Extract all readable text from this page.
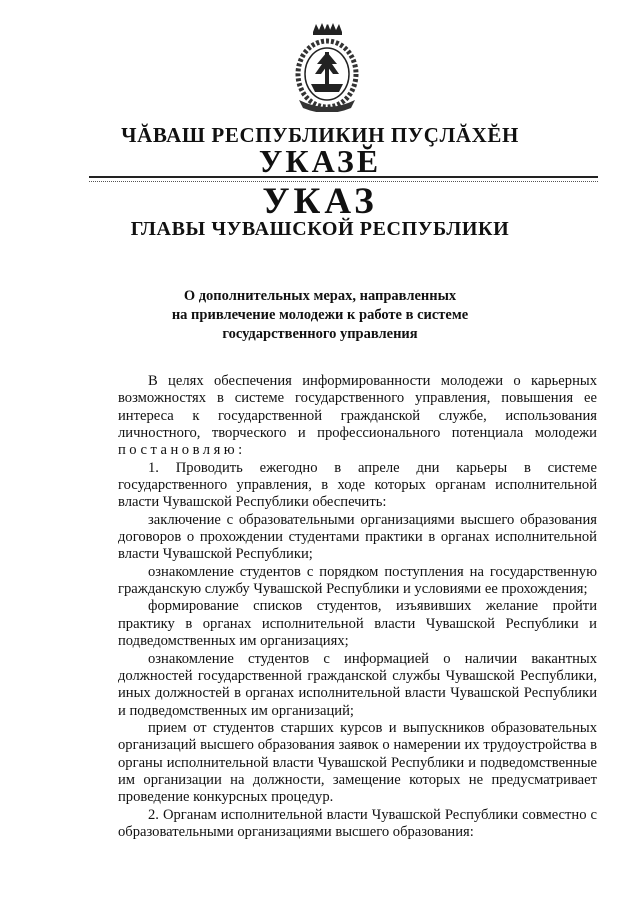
ЧĂВАШ РЕСПУБЛИКИН ПУҪЛĂХĔН
УКАЗĔ
УКАЗ
ГЛАВЫ ЧУВАШСКОЙ РЕСПУБЛИКИ
О дополнительных мерах, направленных
на привлечение молодежи к работе в системе
государственного управления

В целях обеспечения информированности молодежи о карьерных возможностях в системе государственного управления, повышения ее интереса к государственной гражданской службе, использования личностного, творческого и профессионального потенциала молодежи постановляю:

1. Проводить ежегодно в апреле дни карьеры в системе государственного управления, в ходе которых органам исполнительной власти Чувашской Республики обеспечить:

заключение с образовательными организациями высшего образования договоров о прохождении студентами практики в органах исполнительной власти Чувашской Республики;

ознакомление студентов с порядком поступления на государственную гражданскую службу Чувашской Республики и условиями ее прохождения;

формирование списков студентов, изъявивших желание пройти практику в органах исполнительной власти Чувашской Республики и подведомственных им организациях;

ознакомление студентов с информацией о наличии вакантных должностей государственной гражданской службы Чувашской Республики, иных должностей в органах исполнительной власти Чувашской Республики и подведомственных им организаций;

прием от студентов старших курсов и выпускников образовательных организаций высшего образования заявок о намерении их трудоустройства в органы исполнительной власти Чувашской Республики и подведомственные им организации на должности, замещение которых не предусматривает проведение конкурсных процедур.

2. Органам исполнительной власти Чувашской Республики совместно с образовательными организациями высшего образования:
